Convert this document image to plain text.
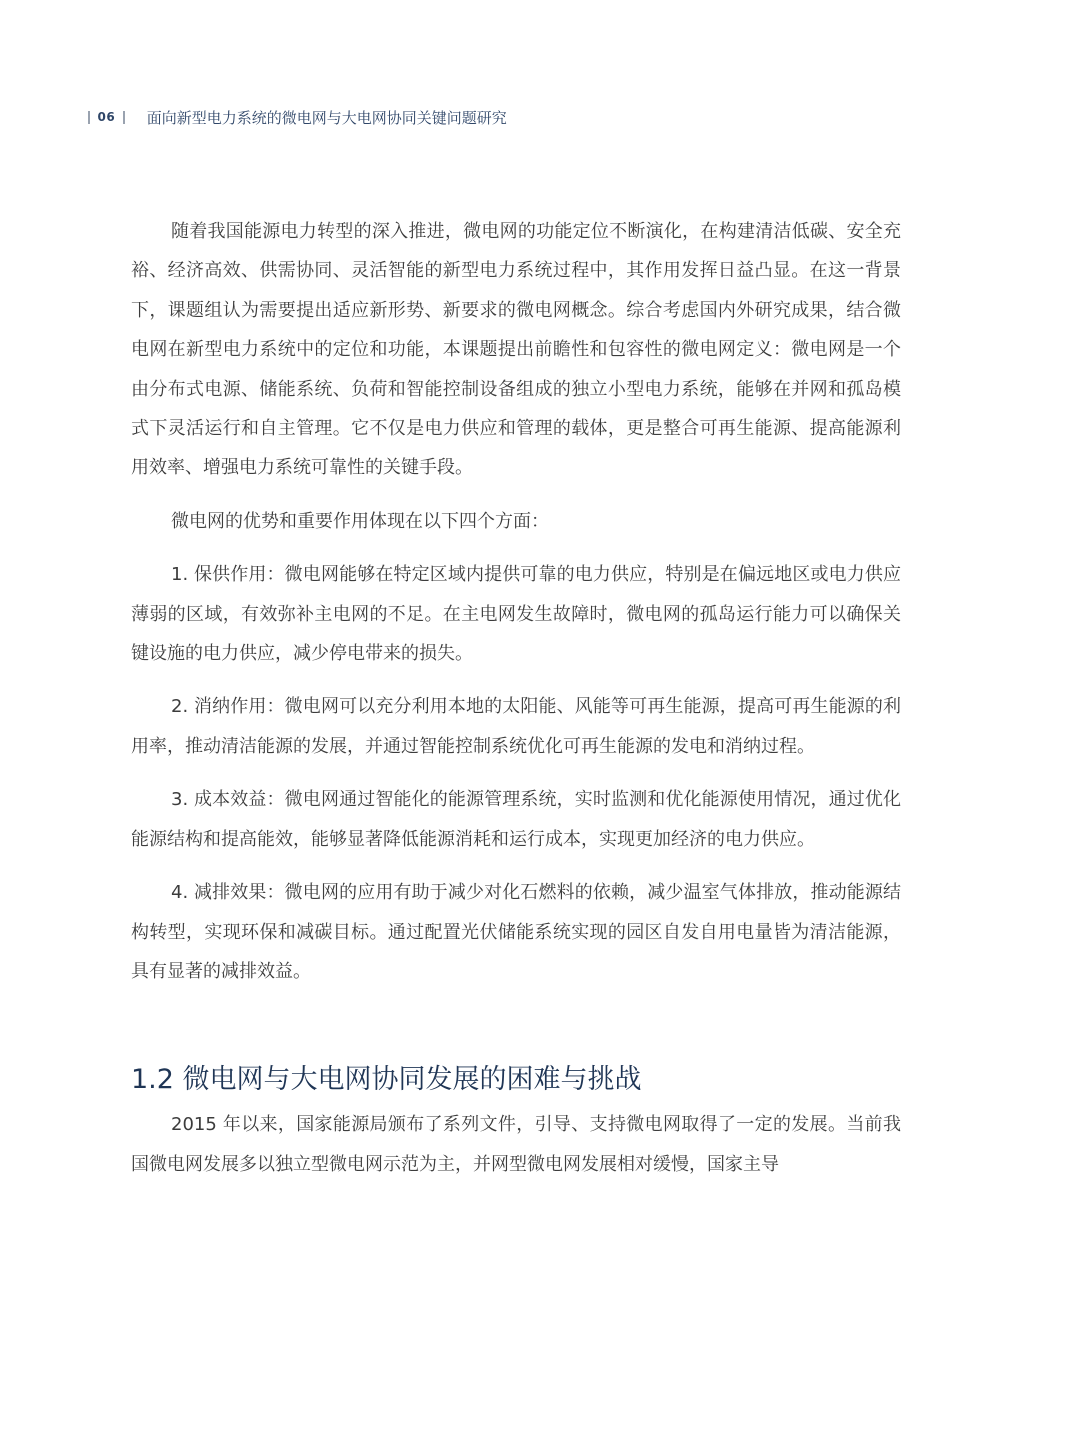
06 面向新型电力系统的微电网与大电网协同关键问题研究

随着我国能源电力转型的深入推进，微电网的功能定位不断演化，在构建清洁低碳、安全充裕、经济高效、供需协同、灵活智能的新型电力系统过程中，其作用发挥日益凸显。在这一背景下，课题组认为需要提出适应新形势、新要求的微电网概念。综合考虑国内外研究成果，结合微电网在新型电力系统中的定位和功能，本课题提出前瞻性和包容性的微电网定义：微电网是一个由分布式电源、储能系统、负荷和智能控制设备组成的独立小型电力系统，能够在并网和孤岛模式下灵活运行和自主管理。它不仅是电力供应和管理的载体，更是整合可再生能源、提高能源利用效率、增强电力系统可靠性的关键手段。

微电网的优势和重要作用体现在以下四个方面：

1. 保供作用：微电网能够在特定区域内提供可靠的电力供应，特别是在偏远地区或电力供应薄弱的区域，有效弥补主电网的不足。在主电网发生故障时，微电网的孤岛运行能力可以确保关键设施的电力供应，减少停电带来的损失。

2. 消纳作用：微电网可以充分利用本地的太阳能、风能等可再生能源，提高可再生能源的利用率，推动清洁能源的发展，并通过智能控制系统优化可再生能源的发电和消纳过程。

3. 成本效益：微电网通过智能化的能源管理系统，实时监测和优化能源使用情况，通过优化能源结构和提高能效，能够显著降低能源消耗和运行成本，实现更加经济的电力供应。

4. 减排效果：微电网的应用有助于减少对化石燃料的依赖，减少温室气体排放，推动能源结构转型，实现环保和减碳目标。通过配置光伏储能系统实现的园区自发自用电量皆为清洁能源，具有显著的减排效益。

1.2 微电网与大电网协同发展的困难与挑战

2015 年以来，国家能源局颁布了系列文件，引导、支持微电网取得了一定的发展。当前我国微电网发展多以独立型微电网示范为主，并网型微电网发展相对缓慢，国家主导
